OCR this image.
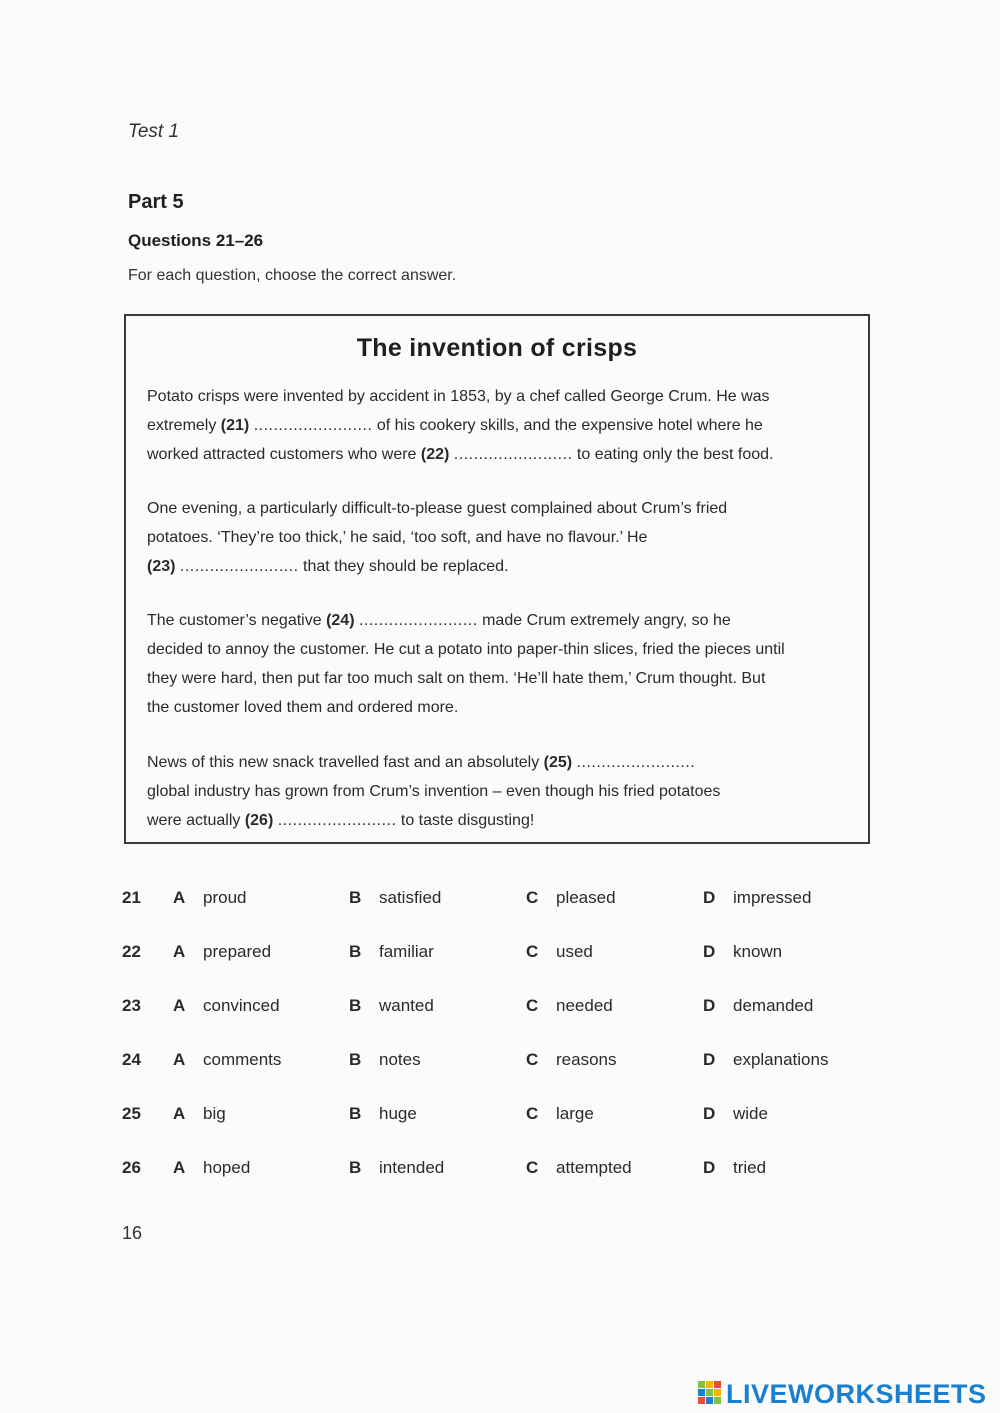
Test 1
Part 5
Questions 21–26
For each question, choose the correct answer.
The invention of crisps
Potato crisps were invented by accident in 1853, by a chef called George Crum. He was
extremely (21) ........................ of his cookery skills, and the expensive hotel where he
worked attracted customers who were (22) ........................ to eating only the best food.
One evening, a particularly difficult-to-please guest complained about Crum’s fried
potatoes. ‘They’re too thick,’ he said, ‘too soft, and have no flavour.’ He
(23) ........................ that they should be replaced.
The customer’s negative (24) ........................ made Crum extremely angry, so he
decided to annoy the customer. He cut a potato into paper-thin slices, fried the pieces until
they were hard, then put far too much salt on them. ‘He’ll hate them,’ Crum thought. But
the customer loved them and ordered more.
News of this new snack travelled fast and an absolutely (25) ........................
global industry has grown from Crum’s invention – even though his fried potatoes
were actually (26) ........................ to taste disgusting!
21 A proud	B satisfied	C pleased	D impressed
22 A prepared	B familiar	C used	D known
23 A convinced	B wanted	C needed	D demanded
24 A comments	B notes	C reasons	D explanations
25 A big	B huge	C large	D wide
26 A hoped	B intended	C attempted	D tried
16
LIVEWORKSHEETS
